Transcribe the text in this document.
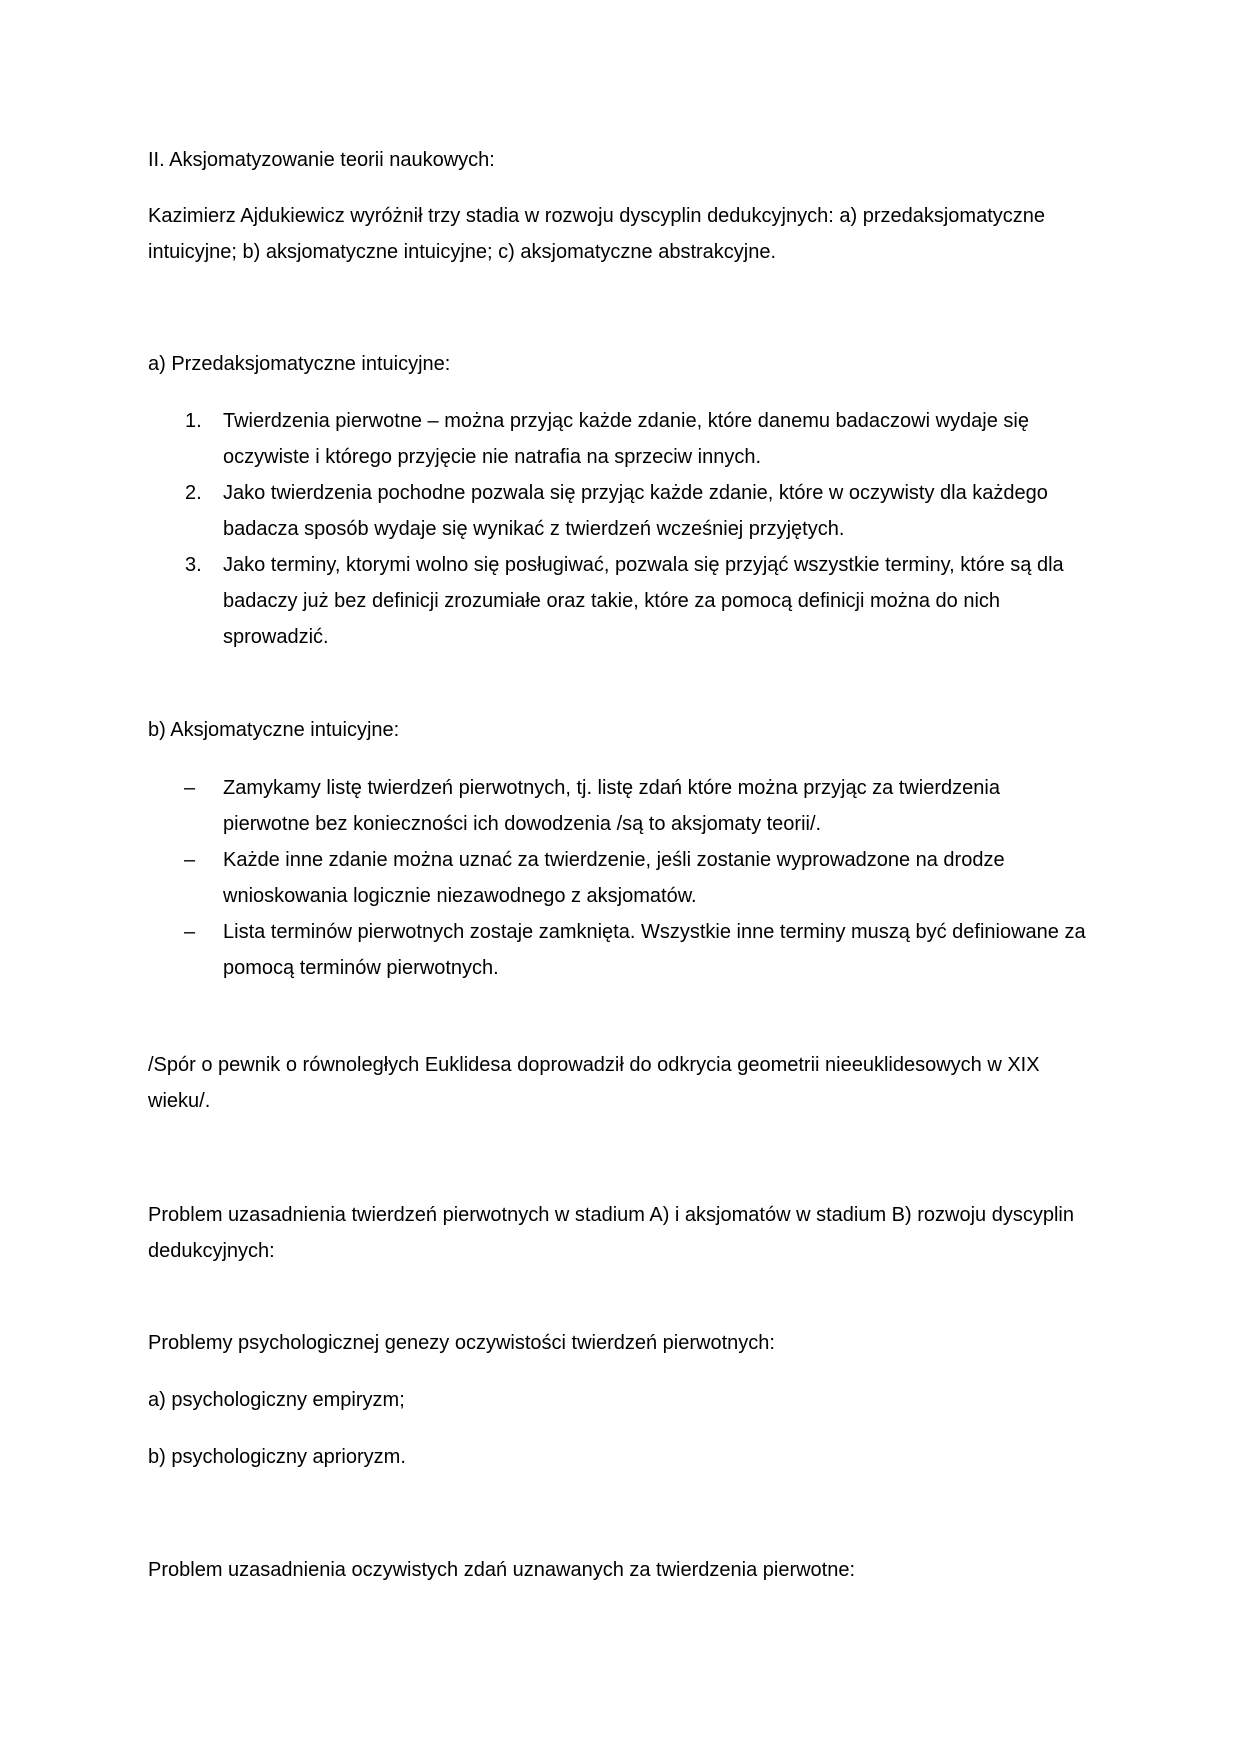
II. Aksjomatyzowanie teorii naukowych:

Kazimierz Ajdukiewicz wyróżnił trzy stadia w rozwoju dyscyplin dedukcyjnych: a) przedaksjomatyczne intuicyjne; b) aksjomatyczne intuicyjne; c) aksjomatyczne abstrakcyjne.

a) Przedaksjomatyczne intuicyjne:

1. Twierdzenia pierwotne – można przyjąc każde zdanie, które danemu badaczowi wydaje się oczywiste i którego przyjęcie nie natrafia na sprzeciw innych.
2. Jako twierdzenia pochodne pozwala się przyjąc każde zdanie, które w oczywisty dla każdego badacza sposób wydaje się wynikać z twierdzeń wcześniej przyjętych.
3. Jako terminy, ktorymi wolno się posługiwać, pozwala się przyjąć wszystkie terminy, które są dla badaczy już bez definicji zrozumiałe oraz takie, które za pomocą definicji można do nich sprowadzić.

b) Aksjomatyczne intuicyjne:

– Zamykamy listę twierdzeń pierwotnych, tj. listę zdań które można przyjąc za twierdzenia pierwotne bez konieczności ich dowodzenia /są to aksjomaty teorii/.
– Każde inne zdanie można uznać za twierdzenie, jeśli zostanie wyprowadzone na drodze wnioskowania logicznie niezawodnego z aksjomatów.
– Lista terminów pierwotnych zostaje zamknięta. Wszystkie inne terminy muszą być definiowane za pomocą terminów pierwotnych.

/Spór o pewnik o równoległych Euklidesa doprowadził do odkrycia geometrii nieeuklidesowych w XIX wieku/.

Problem uzasadnienia twierdzeń pierwotnych w stadium A) i aksjomatów w stadium B) rozwoju dyscyplin dedukcyjnych:

Problemy psychologicznej genezy oczywistości twierdzeń pierwotnych:

a) psychologiczny empiryzm;

b) psychologiczny aprioryzm.

Problem uzasadnienia oczywistych zdań uznawanych za twierdzenia pierwotne:
